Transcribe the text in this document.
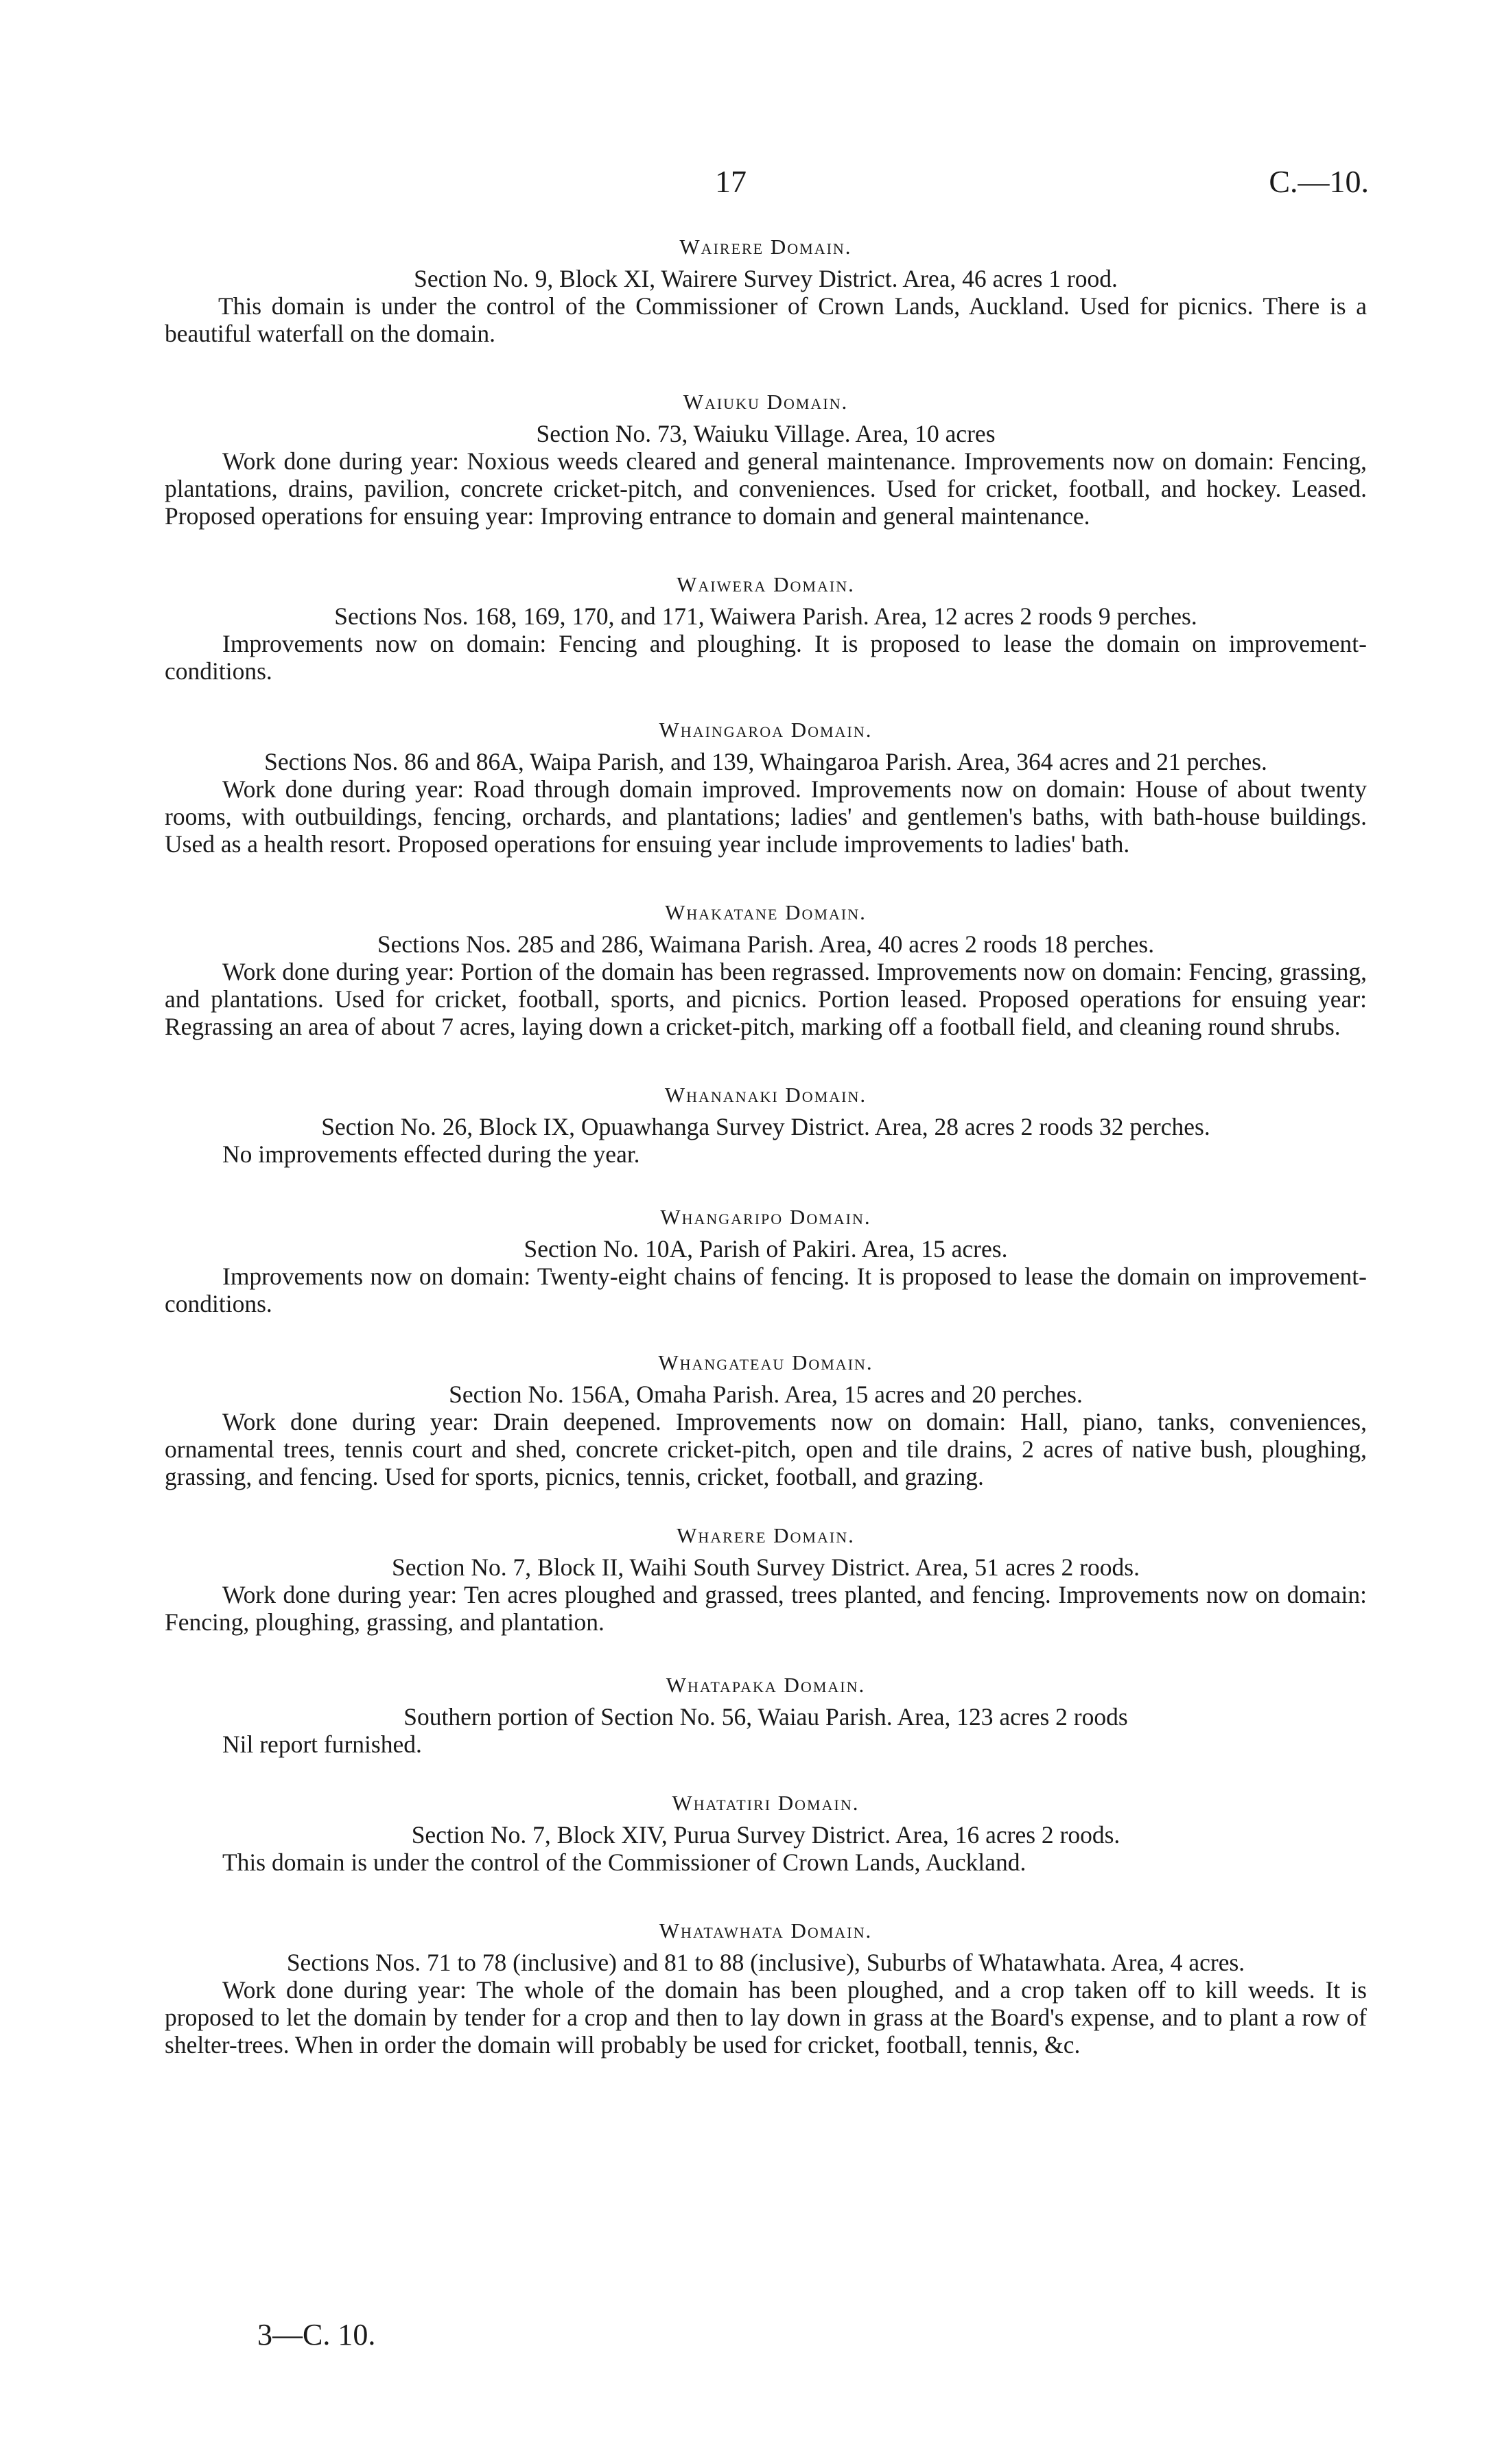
17	C.—10.
Wairere Domain.

Section No. 9, Block XI, Wairere Survey District. Area, 46 acres 1 rood.

This domain is under the control of the Commissioner of Crown Lands, Auckland. Used for picnics. There is a beautiful waterfall on the domain.

Waiuku Domain.

Section No. 73, Waiuku Village. Area, 10 acres

Work done during year: Noxious weeds cleared and general maintenance. Improvements now on domain: Fencing, plantations, drains, pavilion, concrete cricket-pitch, and conveniences. Used for cricket, football, and hockey. Leased. Proposed operations for ensuing year: Improving entrance to domain and general maintenance.

Waiwera Domain.

Sections Nos. 168, 169, 170, and 171, Waiwera Parish. Area, 12 acres 2 roods 9 perches.

Improvements now on domain: Fencing and ploughing. It is proposed to lease the domain on improvement-conditions.

Whaingaroa Domain.

Sections Nos. 86 and 86A, Waipa Parish, and 139, Whaingaroa Parish. Area, 364 acres and 21 perches.

Work done during year: Road through domain improved. Improvements now on domain: House of about twenty rooms, with outbuildings, fencing, orchards, and plantations; ladies' and gentlemen's baths, with bath-house buildings. Used as a health resort. Proposed operations for ensuing year include improvements to ladies' bath.

Whakatane Domain.

Sections Nos. 285 and 286, Waimana Parish. Area, 40 acres 2 roods 18 perches.

Work done during year: Portion of the domain has been regrassed. Improvements now on domain: Fencing, grassing, and plantations. Used for cricket, football, sports, and picnics. Portion leased. Proposed operations for ensuing year: Regrassing an area of about 7 acres, laying down a cricket-pitch, marking off a football field, and cleaning round shrubs.

Whananaki Domain.

Section No. 26, Block IX, Opuawhanga Survey District. Area, 28 acres 2 roods 32 perches.

No improvements effected during the year.

Whangaripo Domain.

Section No. 10A, Parish of Pakiri. Area, 15 acres.

Improvements now on domain: Twenty-eight chains of fencing. It is proposed to lease the domain on improvement-conditions.

Whangateau Domain.

Section No. 156A, Omaha Parish. Area, 15 acres and 20 perches.

Work done during year: Drain deepened. Improvements now on domain: Hall, piano, tanks, conveniences, ornamental trees, tennis court and shed, concrete cricket-pitch, open and tile drains, 2 acres of native bush, ploughing, grassing, and fencing. Used for sports, picnics, tennis, cricket, football, and grazing.

Wharere Domain.

Section No. 7, Block II, Waihi South Survey District. Area, 51 acres 2 roods.

Work done during year: Ten acres ploughed and grassed, trees planted, and fencing. Improvements now on domain: Fencing, ploughing, grassing, and plantation.

Whatapaka Domain.

Southern portion of Section No. 56, Waiau Parish. Area, 123 acres 2 roods

Nil report furnished.

Whatatiri Domain.

Section No. 7, Block XIV, Purua Survey District. Area, 16 acres 2 roods.

This domain is under the control of the Commissioner of Crown Lands, Auckland.

Whatawhata Domain.

Sections Nos. 71 to 78 (inclusive) and 81 to 88 (inclusive), Suburbs of Whatawhata. Area, 4 acres.

Work done during year: The whole of the domain has been ploughed, and a crop taken off to kill weeds. It is proposed to let the domain by tender for a crop and then to lay down in grass at the Board's expense, and to plant a row of shelter-trees. When in order the domain will probably be used for cricket, football, tennis, &c.

3—C. 10.
